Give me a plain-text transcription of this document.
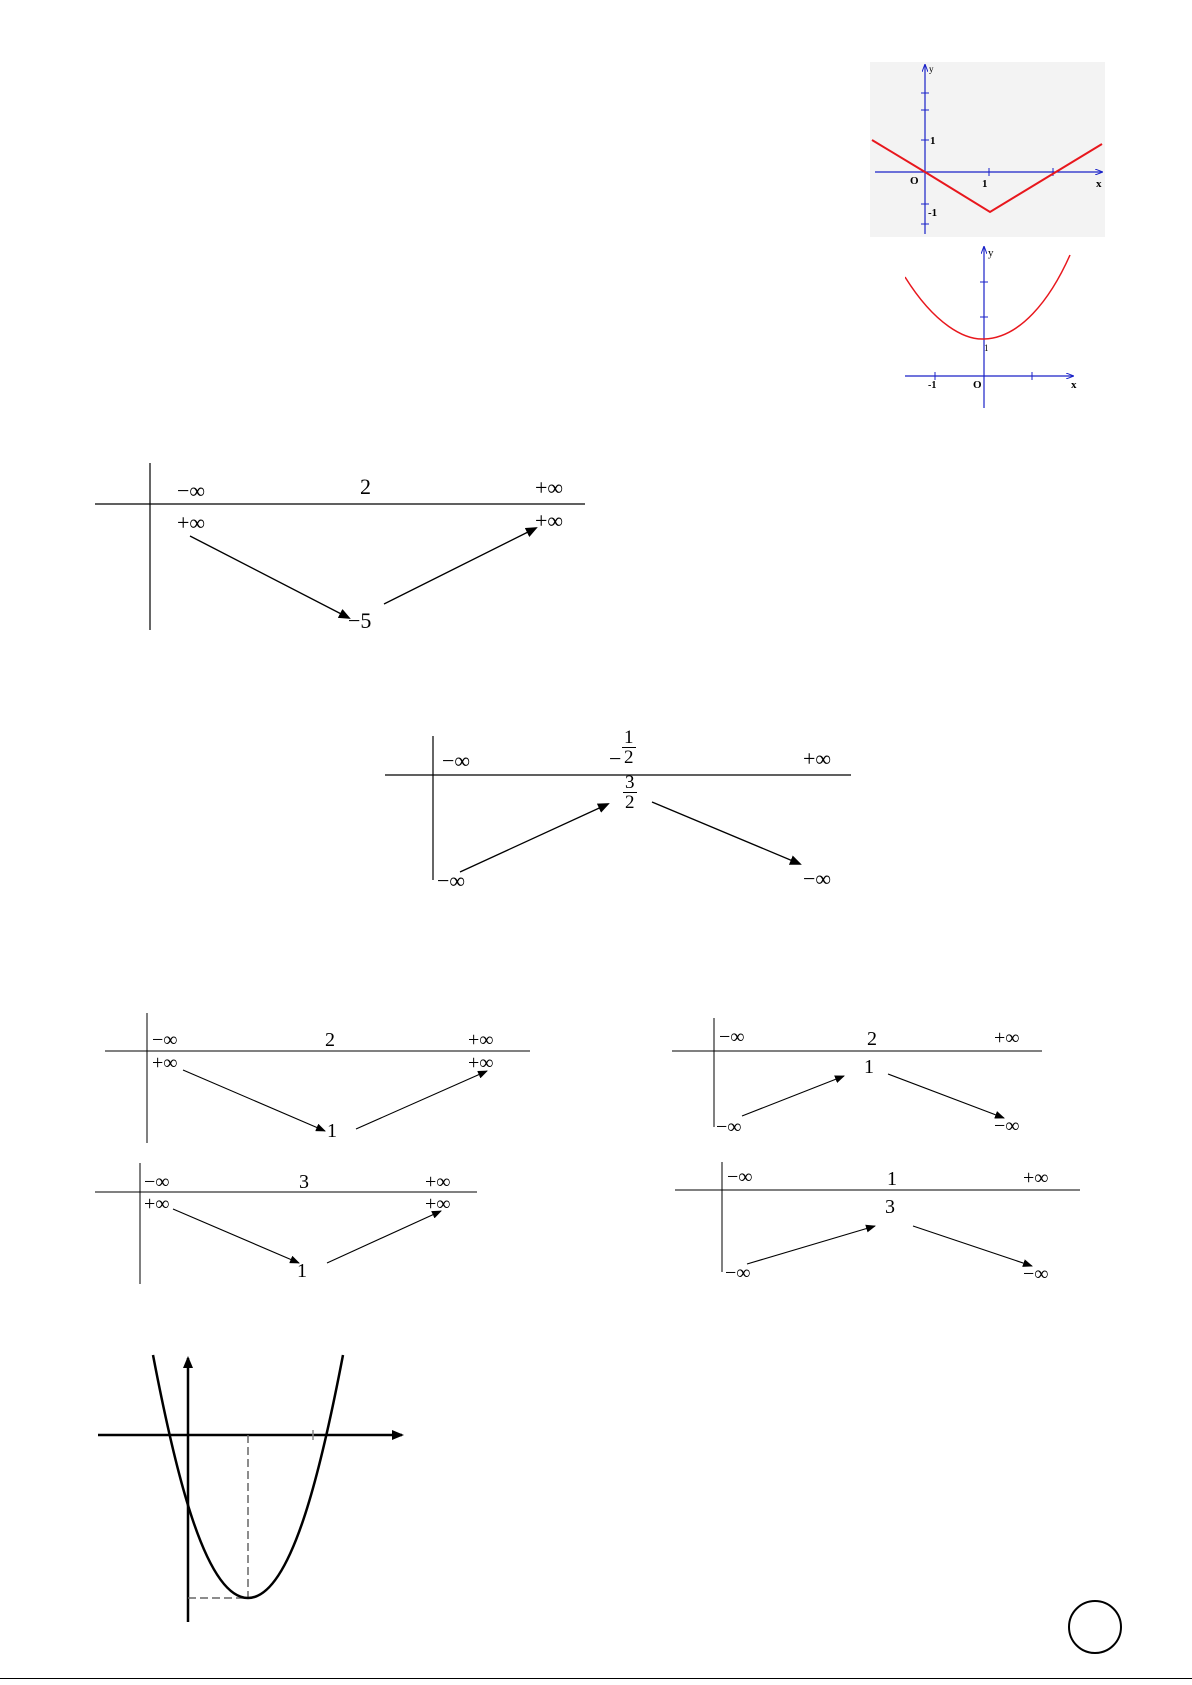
y
1
O	1	x
-1
y
1
-1	O	x
−∞	2	+∞
+∞	+∞
−5
−∞	− $\frac{1}{2}$	+∞
$\frac{3}{2}$
−∞	−∞
−∞	2	+∞
+∞	+∞
1
−∞	2	+∞
1
−∞	−∞
−∞	3	+∞
+∞	+∞
1
−∞	1	+∞
3
−∞	−∞
